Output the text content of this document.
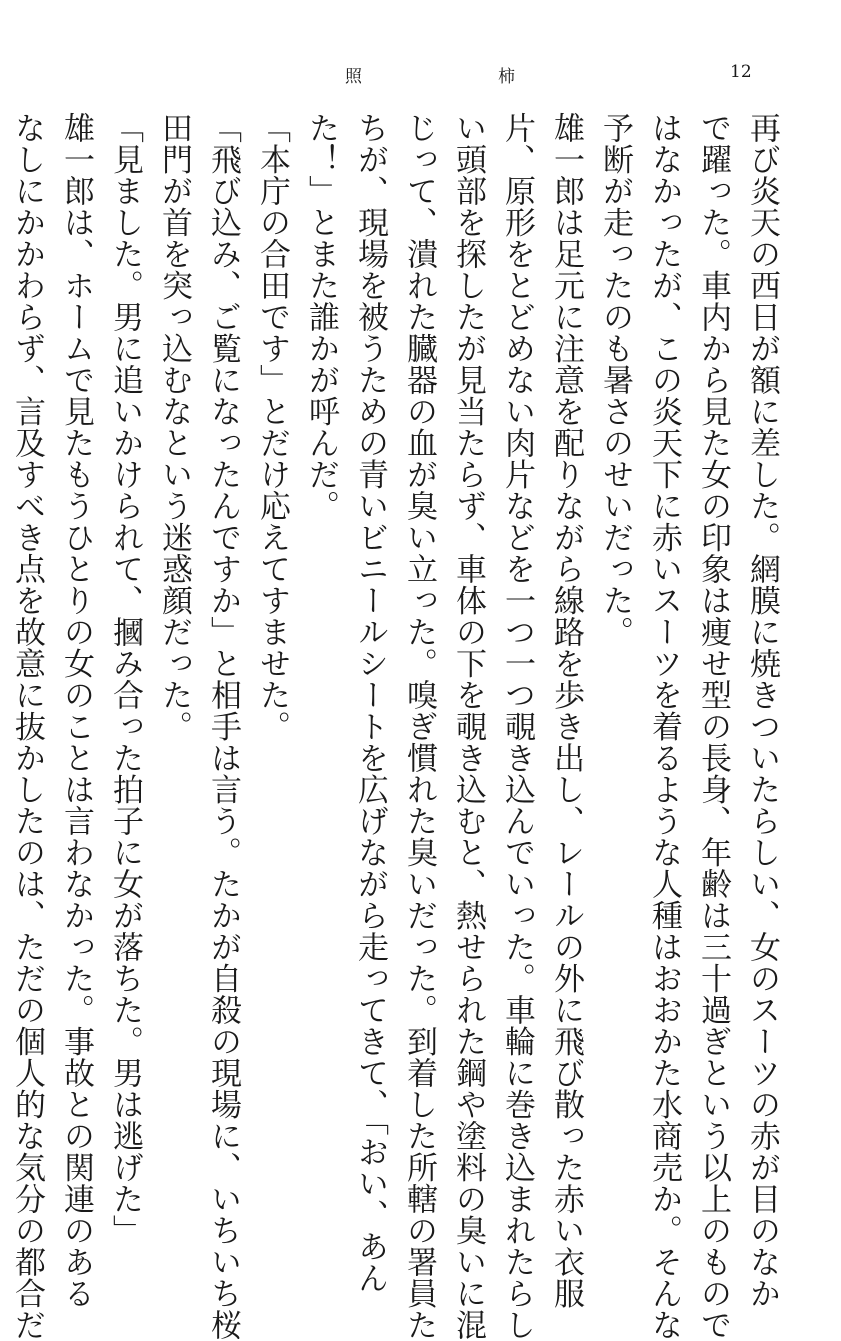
照	柿	12
再び炎天の西日が額に差した。網膜に焼きついたらしい、女のスーツの赤が目のなか
で躍った。車内から見た女の印象は痩せ型の長身、年齢は三十過ぎという以上のもので
はなかったが、この炎天下に赤いスーツを着るような人種はおおかた水商売か。そんな
予断が走ったのも暑さのせいだった。
雄一郎は足元に注意を配りながら線路を歩き出し、レールの外に飛び散った赤い衣服
片、原形をとどめない肉片などを一つ一つ覗き込んでいった。車輪に巻き込まれたらし
い頭部を探したが見当たらず、車体の下を覗き込むと、熱せられた鋼や塗料の臭いに混
じって、潰れた臓器の血が臭い立った。嗅ぎ慣れた臭いだった。到着した所轄の署員た
ちが、現場を被うための青いビニールシートを広げながら走ってきて、「おい、あん
た！」とまた誰かが呼んだ。
「本庁の合田です」とだけ応えてすませた。
「飛び込み、ご覧になったんですか」と相手は言う。たかが自殺の現場に、いちいち桜
田門が首を突っ込むなという迷惑顔だった。
「見ました。男に追いかけられて、摑み合った拍子に女が落ちた。男は逃げた」
雄一郎は、ホームで見たもうひとりの女のことは言わなかった。事故との関連のある
なしにかかわらず、言及すべき点を故意に抜かしたのは、ただの個人的な気分の都合だ
